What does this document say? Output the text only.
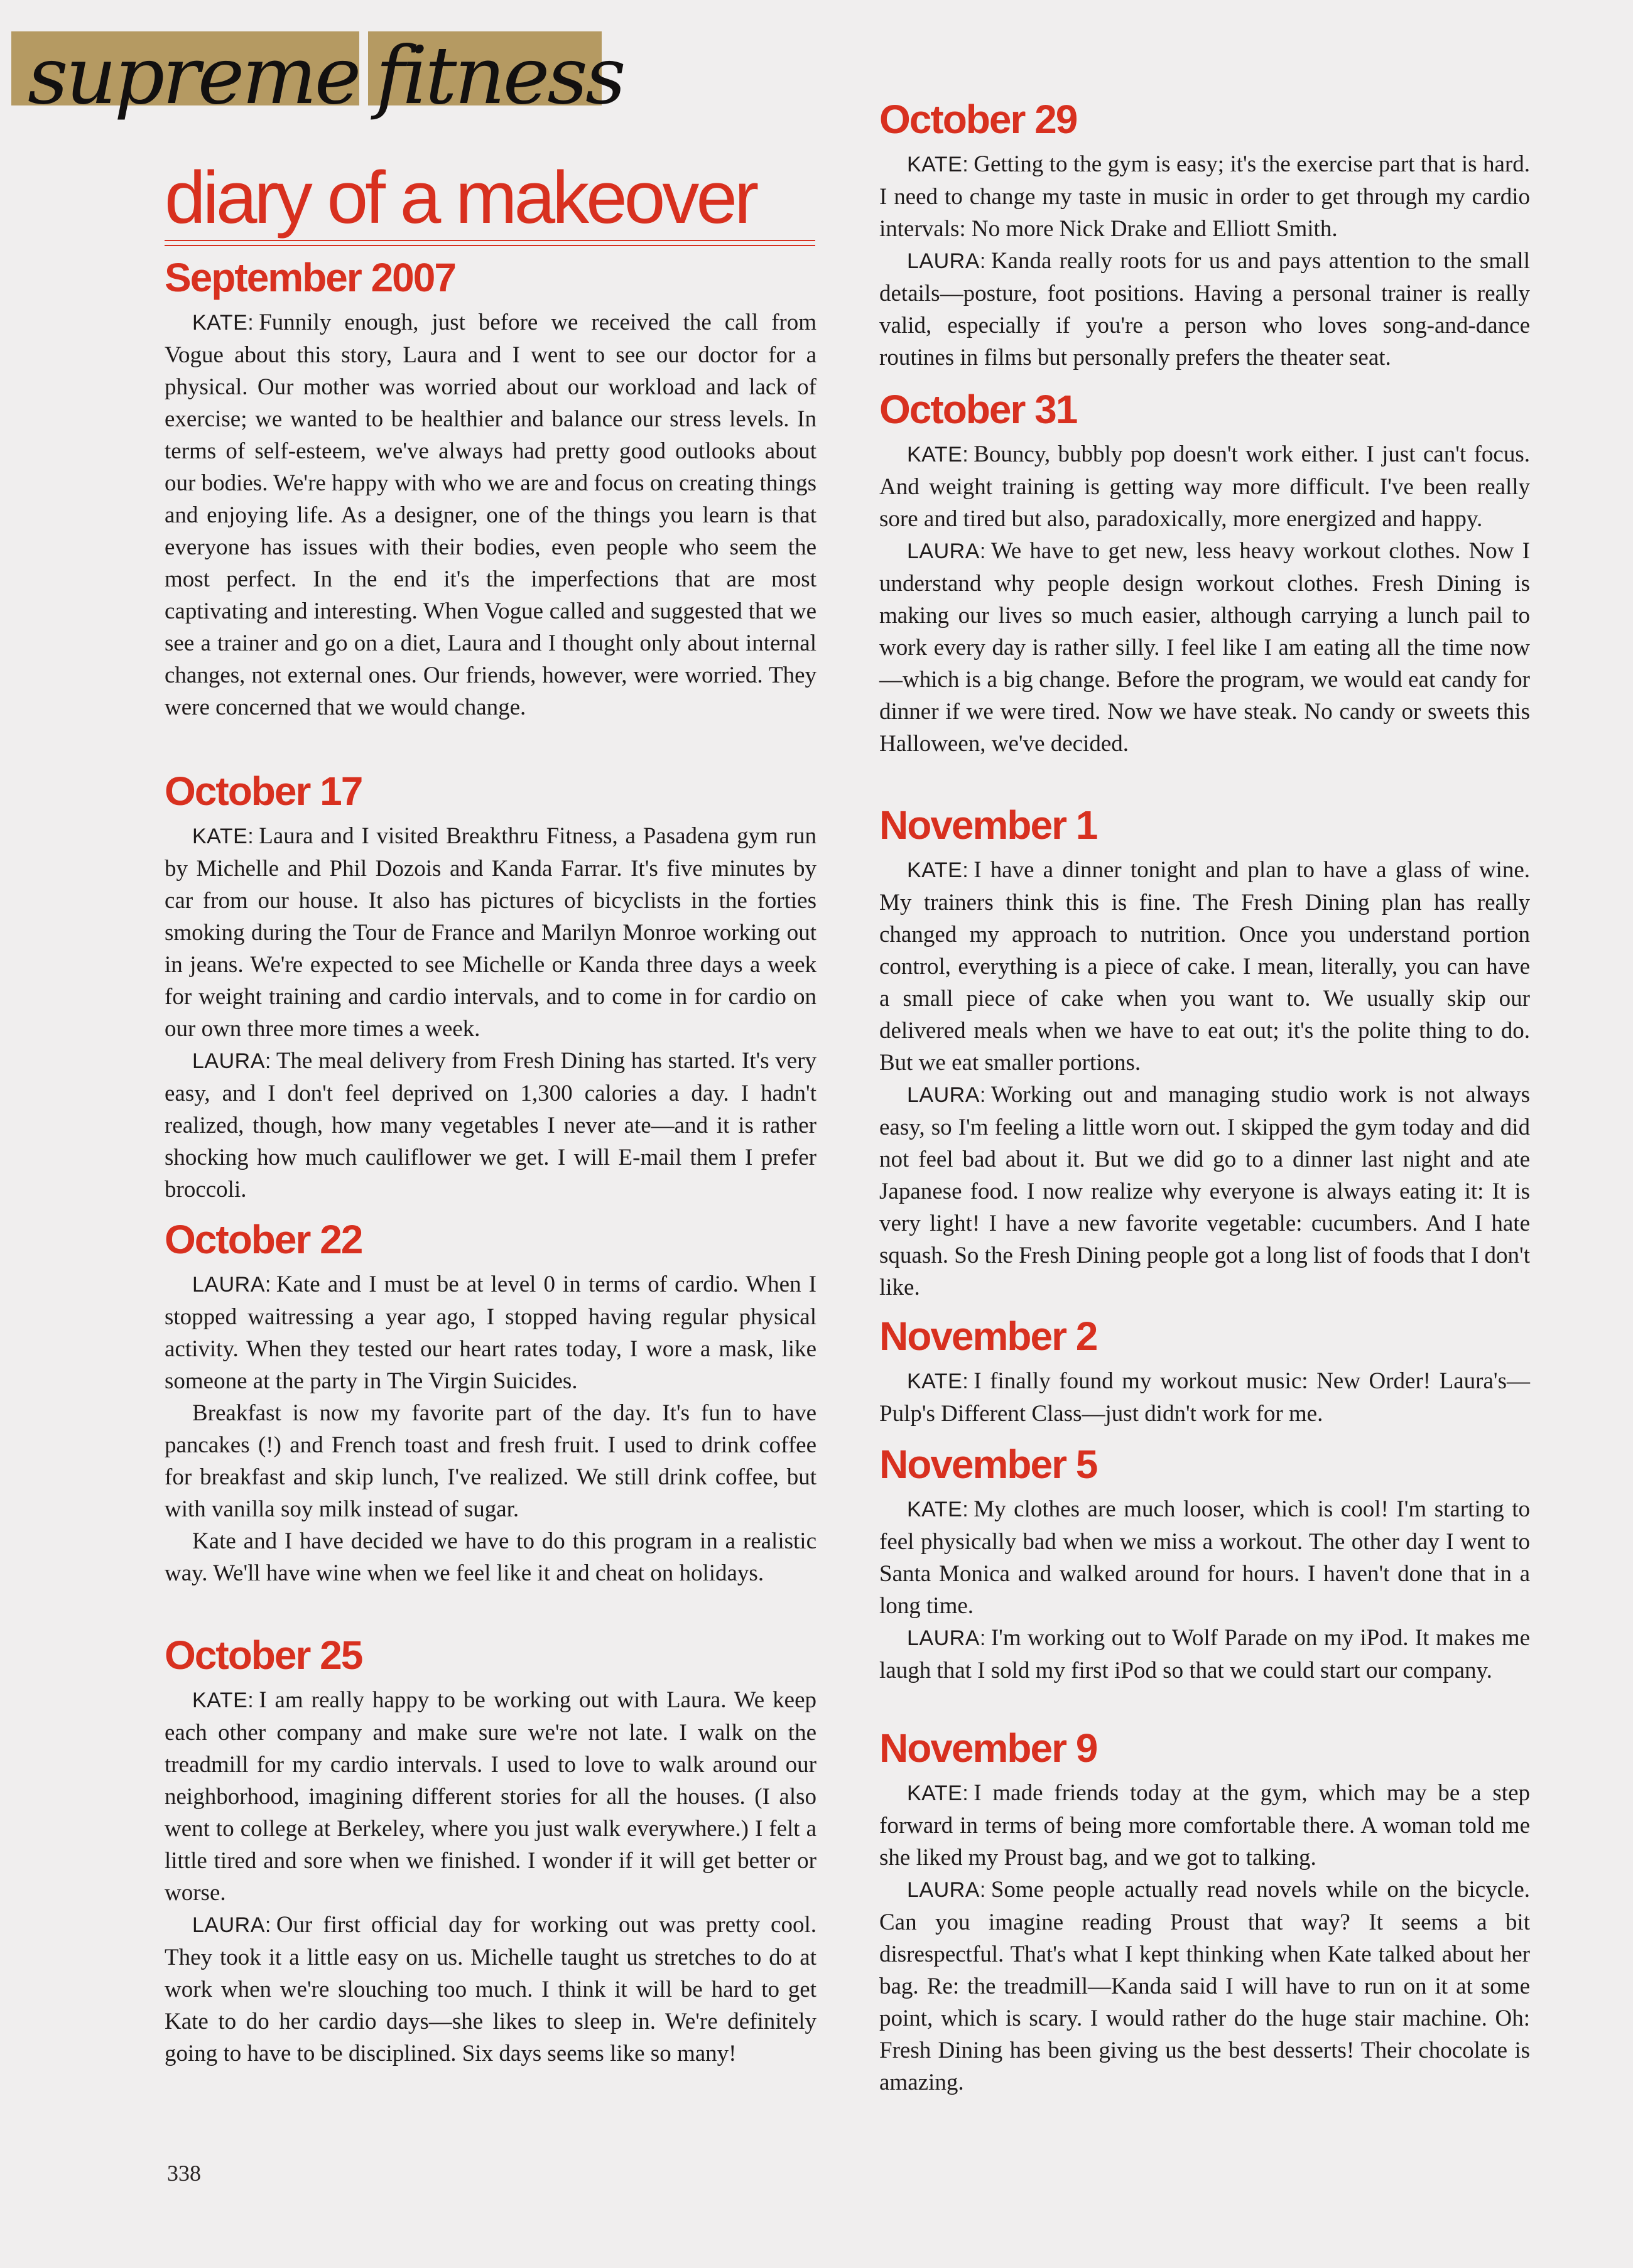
supreme fitness
diary of a makeover
September 2007

KATE: Funnily enough, just before we received the call from Vogue about this story, Laura and I went to see our doctor for a physical. Our mother was worried about our workload and lack of exercise; we wanted to be healthier and balance our stress levels. In terms of self-esteem, we've always had pretty good outlooks about our bodies. We're happy with who we are and focus on creating things and enjoying life. As a designer, one of the things you learn is that everyone has issues with their bodies, even people who seem the most perfect. In the end it's the imperfections that are most captivating and interesting. When Vogue called and suggested that we see a trainer and go on a diet, Laura and I thought only about internal changes, not external ones. Our friends, however, were worried. They were concerned that we would change.

October 17

KATE: Laura and I visited Breakthru Fitness, a Pasadena gym run by Michelle and Phil Dozois and Kanda Farrar. It's five minutes by car from our house. It also has pictures of bicyclists in the forties smoking during the Tour de France and Marilyn Monroe working out in jeans. We're expected to see Michelle or Kanda three days a week for weight training and cardio intervals, and to come in for cardio on our own three more times a week.

LAURA: The meal delivery from Fresh Dining has started. It's very easy, and I don't feel deprived on 1,300 calories a day. I hadn't realized, though, how many vegetables I never ate—and it is rather shocking how much cauliflower we get. I will E-mail them I prefer broccoli.

October 22

LAURA: Kate and I must be at level 0 in terms of cardio. When I stopped waitressing a year ago, I stopped having regular physical activity. When they tested our heart rates today, I wore a mask, like someone at the party in The Virgin Suicides.

Breakfast is now my favorite part of the day. It's fun to have pancakes (!) and French toast and fresh fruit. I used to drink coffee for breakfast and skip lunch, I've realized. We still drink coffee, but with vanilla soy milk instead of sugar.

Kate and I have decided we have to do this program in a realistic way. We'll have wine when we feel like it and cheat on holidays.

October 25

KATE: I am really happy to be working out with Laura. We keep each other company and make sure we're not late. I walk on the treadmill for my cardio intervals. I used to love to walk around our neighborhood, imagining different stories for all the houses. (I also went to college at Berkeley, where you just walk everywhere.) I felt a little tired and sore when we finished. I wonder if it will get better or worse.

LAURA: Our first official day for working out was pretty cool. They took it a little easy on us. Michelle taught us stretches to do at work when we're slouching too much. I think it will be hard to get Kate to do her cardio days—she likes to sleep in. We're definitely going to have to be disciplined. Six days seems like so many!

October 29

KATE: Getting to the gym is easy; it's the exercise part that is hard. I need to change my taste in music in order to get through my cardio intervals: No more Nick Drake and Elliott Smith.

LAURA: Kanda really roots for us and pays attention to the small details—posture, foot positions. Having a personal trainer is really valid, especially if you're a person who loves song-and-dance routines in films but personally prefers the theater seat.

October 31

KATE: Bouncy, bubbly pop doesn't work either. I just can't focus. And weight training is getting way more difficult. I've been really sore and tired but also, paradoxically, more energized and happy.

LAURA: We have to get new, less heavy workout clothes. Now I understand why people design workout clothes. Fresh Dining is making our lives so much easier, although carrying a lunch pail to work every day is rather silly. I feel like I am eating all the time now—which is a big change. Before the program, we would eat candy for dinner if we were tired. Now we have steak. No candy or sweets this Halloween, we've decided.

November 1

KATE: I have a dinner tonight and plan to have a glass of wine. My trainers think this is fine. The Fresh Dining plan has really changed my approach to nutrition. Once you understand portion control, everything is a piece of cake. I mean, literally, you can have a small piece of cake when you want to. We usually skip our delivered meals when we have to eat out; it's the polite thing to do. But we eat smaller portions.

LAURA: Working out and managing studio work is not always easy, so I'm feeling a little worn out. I skipped the gym today and did not feel bad about it. But we did go to a dinner last night and ate Japanese food. I now realize why everyone is always eating it: It is very light! I have a new favorite vegetable: cucumbers. And I hate squash. So the Fresh Dining people got a long list of foods that I don't like.

November 2

KATE: I finally found my workout music: New Order! Laura's—Pulp's Different Class—just didn't work for me.

November 5

KATE: My clothes are much looser, which is cool! I'm starting to feel physically bad when we miss a workout. The other day I went to Santa Monica and walked around for hours. I haven't done that in a long time.

LAURA: I'm working out to Wolf Parade on my iPod. It makes me laugh that I sold my first iPod so that we could start our company.

November 9

KATE: I made friends today at the gym, which may be a step forward in terms of being more comfortable there. A woman told me she liked my Proust bag, and we got to talking.

LAURA: Some people actually read novels while on the bicycle. Can you imagine reading Proust that way? It seems a bit disrespectful. That's what I kept thinking when Kate talked about her bag. Re: the treadmill—Kanda said I will have to run on it at some point, which is scary. I would rather do the huge stair machine. Oh: Fresh Dining has been giving us the best desserts! Their chocolate is amazing.

338
